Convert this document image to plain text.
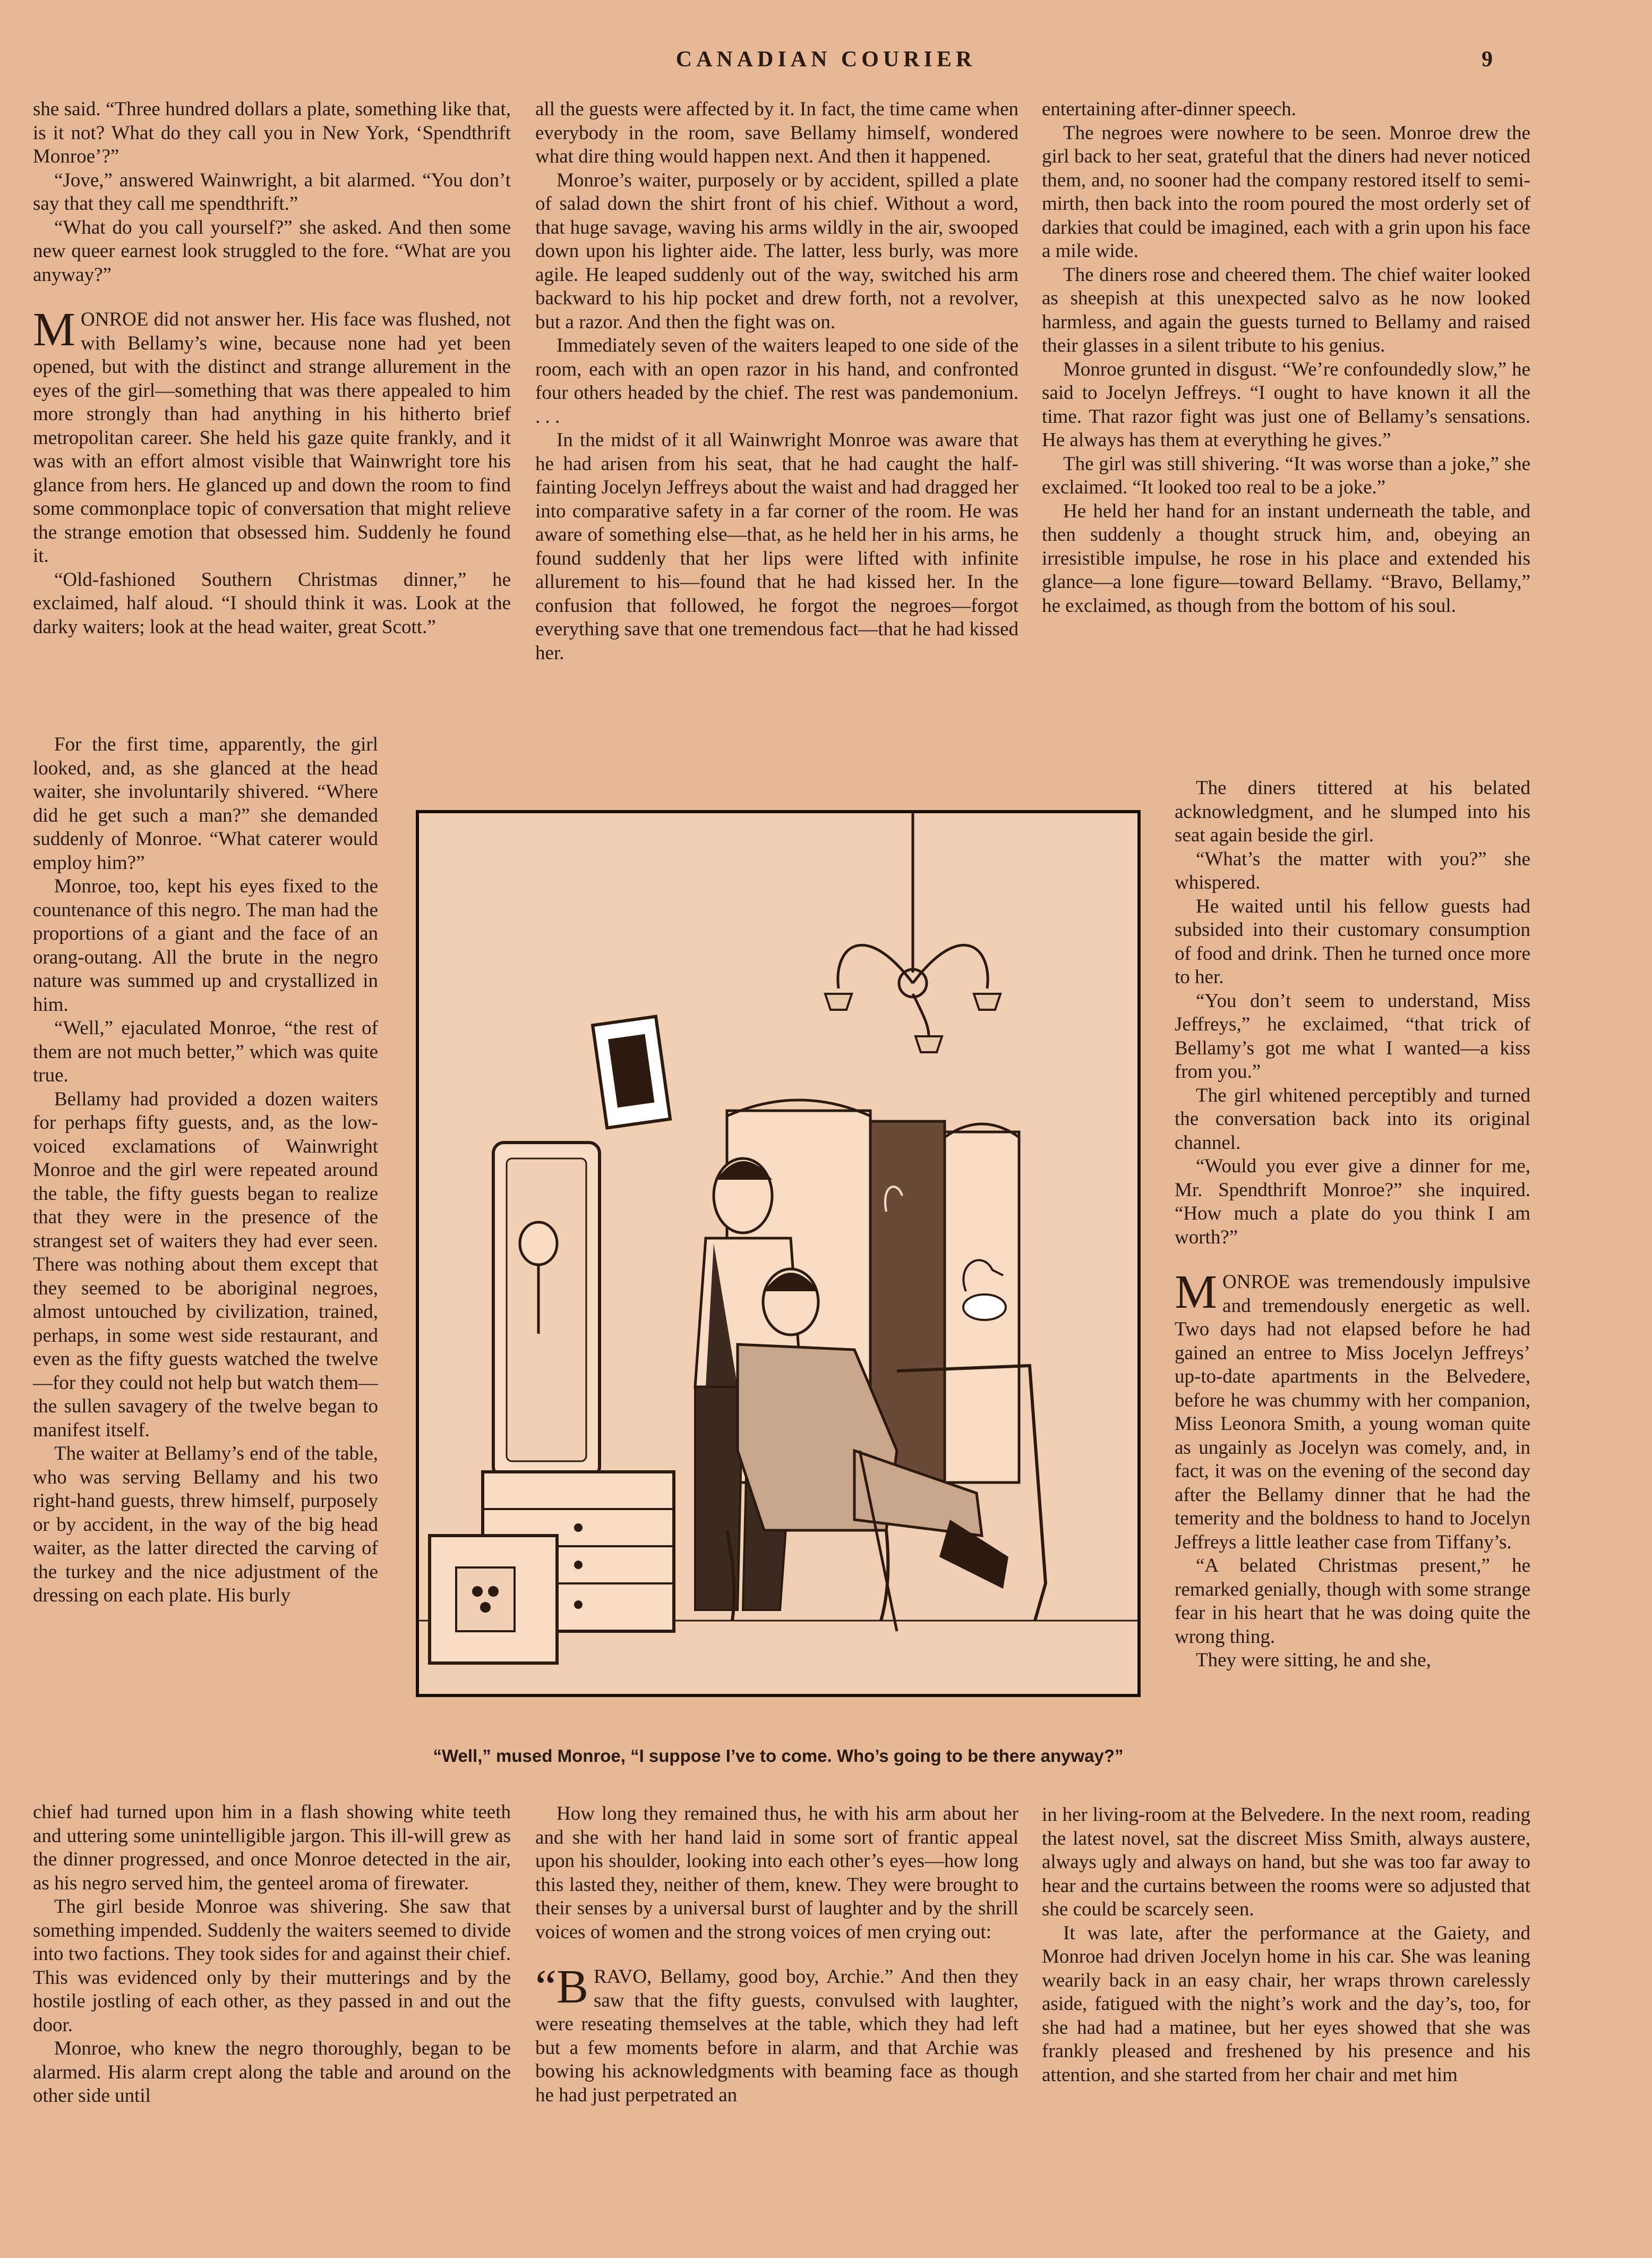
CANADIAN COURIER	9

she said. “Three hundred dollars a plate, something like that, is it not? What do they call you in New York, ‘Spendthrift Monroe’?”

“Jove,” answered Wainwright, a bit alarmed. “You don’t say that they call me spendthrift.”

“What do you call yourself?” she asked. And then some new queer earnest look struggled to the fore. “What are you anyway?”

MONROE did not answer her. His face was flushed, not with Bellamy’s wine, because none had yet been opened, but with the distinct and strange allurement in the eyes of the girl—something that was there appealed to him more strongly than had anything in his hitherto brief metropolitan career. She held his gaze quite frankly, and it was with an effort almost visible that Wainwright tore his glance from hers. He glanced up and down the room to find some commonplace topic of conversation that might relieve the strange emotion that obsessed him. Suddenly he found it.

“Old-fashioned Southern Christmas dinner,” he exclaimed, half aloud. “I should think it was. Look at the darky waiters; look at the head waiter, great Scott.”

For the first time, apparently, the girl looked, and, as she glanced at the head waiter, she involuntarily shivered. “Where did he get such a man?” she demanded suddenly of Monroe. “What caterer would employ him?”

Monroe, too, kept his eyes fixed to the countenance of this negro. The man had the proportions of a giant and the face of an orang-outang. All the brute in the negro nature was summed up and crystallized in him.

“Well,” ejaculated Monroe, “the rest of them are not much better,” which was quite true.

Bellamy had provided a dozen waiters for perhaps fifty guests, and, as the low-voiced exclamations of Wainwright Monroe and the girl were repeated around the table, the fifty guests began to realize that they were in the presence of the strangest set of waiters they had ever seen. There was nothing about them except that they seemed to be aboriginal negroes, almost untouched by civilization, trained, perhaps, in some west side restaurant, and even as the fifty guests watched the twelve—for they could not help but watch them—the sullen savagery of the twelve began to manifest itself.

The waiter at Bellamy’s end of the table, who was serving Bellamy and his two right-hand guests, threw himself, purposely or by accident, in the way of the big head waiter, as the latter directed the carving of the turkey and the nice adjustment of the dressing on each plate. His burly

chief had turned upon him in a flash showing white teeth and uttering some unintelligible jargon. This ill-will grew as the dinner progressed, and once Monroe detected in the air, as his negro served him, the genteel aroma of firewater.

The girl beside Monroe was shivering. She saw that something impended. Suddenly the waiters seemed to divide into two factions. They took sides for and against their chief. This was evidenced only by their mutterings and by the hostile jostling of each other, as they passed in and out the door.

Monroe, who knew the negro thoroughly, began to be alarmed. His alarm crept along the table and around on the other side until

all the guests were affected by it. In fact, the time came when everybody in the room, save Bellamy himself, wondered what dire thing would happen next. And then it happened.

Monroe’s waiter, purposely or by accident, spilled a plate of salad down the shirt front of his chief. Without a word, that huge savage, waving his arms wildly in the air, swooped down upon his lighter aide. The latter, less burly, was more agile. He leaped suddenly out of the way, switched his arm backward to his hip pocket and drew forth, not a revolver, but a razor. And then the fight was on.

Immediately seven of the waiters leaped to one side of the room, each with an open razor in his hand, and confronted four others headed by the chief. The rest was pandemonium. . . .

In the midst of it all Wainwright Monroe was aware that he had arisen from his seat, that he had caught the half-fainting Jocelyn Jeffreys about the waist and had dragged her into comparative safety in a far corner of the room. He was aware of something else—that, as he held her in his arms, he found suddenly that her lips were lifted with infinite allurement to his—found that he had kissed her. In the confusion that followed, he forgot the negroes—forgot everything save that one tremendous fact—that he had kissed her.

entertaining after-dinner speech.

The negroes were nowhere to be seen. Monroe drew the girl back to her seat, grateful that the diners had never noticed them, and, no sooner had the company restored itself to semi-mirth, then back into the room poured the most orderly set of darkies that could be imagined, each with a grin upon his face a mile wide.

The diners rose and cheered them. The chief waiter looked as sheepish at this unexpected salvo as he now looked harmless, and again the guests turned to Bellamy and raised their glasses in a silent tribute to his genius.

Monroe grunted in disgust. “We’re confoundedly slow,” he said to Jocelyn Jeffreys. “I ought to have known it all the time. That razor fight was just one of Bellamy’s sensations. He always has them at everything he gives.”

The girl was still shivering. “It was worse than a joke,” she exclaimed. “It looked too real to be a joke.”

He held her hand for an instant underneath the table, and then suddenly a thought struck him, and, obeying an irresistible impulse, he rose in his place and extended his glance—a lone figure—toward Bellamy. “Bravo, Bellamy,” he exclaimed, as though from the bottom of his soul.

The diners tittered at his belated acknowledgment, and he slumped into his seat again beside the girl.

“What’s the matter with you?” she whispered.

He waited until his fellow guests had subsided into their customary consumption of food and drink. Then he turned once more to her.

“You don’t seem to understand, Miss Jeffreys,” he exclaimed, “that trick of Bellamy’s got me what I wanted—a kiss from you.”

The girl whitened perceptibly and turned the conversation back into its original channel.

“Would you ever give a dinner for me, Mr. Spendthrift Monroe?” she inquired. “How much a plate do you think I am worth?”

MONROE was tremendously impulsive and tremendously energetic as well. Two days had not elapsed before he had gained an entree to Miss Jocelyn Jeffreys’ up-to-date apartments in the Belvedere, before he was chummy with her companion, Miss Leonora Smith, a young woman quite as ungainly as Jocelyn was comely, and, in fact, it was on the evening of the second day after the Bellamy dinner that he had the temerity and the boldness to hand to Jocelyn Jeffreys a little leather case from Tiffany’s.

“A belated Christmas present,” he remarked genially, though with some strange fear in his heart that he was doing quite the wrong thing.

They were sitting, he and she,

“Well,” mused Monroe, “I suppose I’ve to come. Who’s going to be there anyway?”

How long they remained thus, he with his arm about her and she with her hand laid in some sort of frantic appeal upon his shoulder, looking into each other’s eyes—how long this lasted they, neither of them, knew. They were brought to their senses by a universal burst of laughter and by the shrill voices of women and the strong voices of men crying out:

“BRAVO, Bellamy, good boy, Archie.” And then they saw that the fifty guests, convulsed with laughter, were reseating themselves at the table, which they had left but a few moments before in alarm, and that Archie was bowing his acknowledgments with beaming face as though he had just perpetrated an

in her living-room at the Belvedere. In the next room, reading the latest novel, sat the discreet Miss Smith, always austere, always ugly and always on hand, but she was too far away to hear and the curtains between the rooms were so adjusted that she could be scarcely seen.

It was late, after the performance at the Gaiety, and Monroe had driven Jocelyn home in his car. She was leaning wearily back in an easy chair, her wraps thrown carelessly aside, fatigued with the night’s work and the day’s, too, for she had had a matinee, but her eyes showed that she was frankly pleased and freshened by his presence and his attention, and she started from her chair and met him
